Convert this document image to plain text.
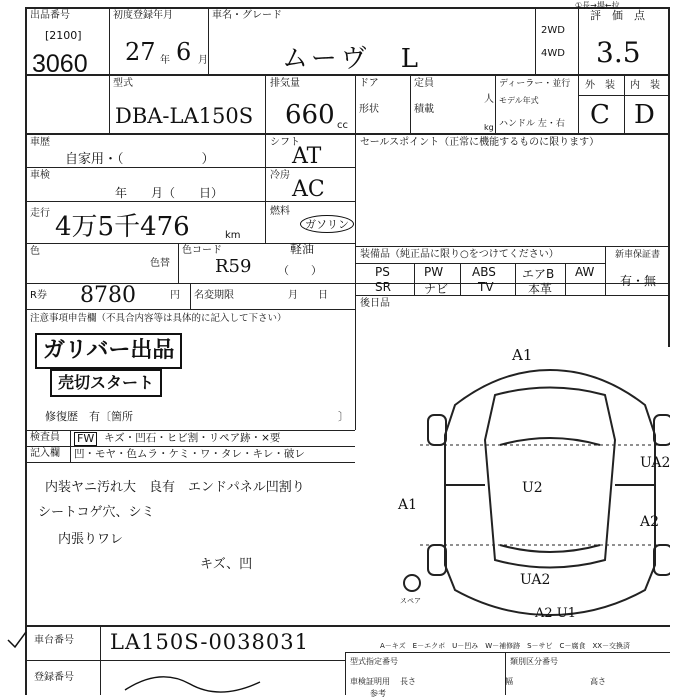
出品番号
[2100]
3060
初度登録年月
27 年 6 月
車名・グレード
ムーヴ　L
2WD
4WD
評　価　点
3.5
①長→場←拉
型式
DBA-LA150S
排気量
660 cc
ドア	定員
人
形状	積載
kg
ディーラー・並行
モデル年式
ハンドル 左・右
外　装 内　装
C D
車歴
自家用・（　　　　　　）
シフト
AT
車検
年　　月（　　日）
冷房
AC
走行 4万5千476	km
燃料
ガソリン
軽油
（　　）
色
色替
色コード
R59
R券 8780	円 名変期限	月　　日
セールスポイント（正常に機能するものに限ります）
装備品（純正品に限り○をつけてください）	新車保証書
有・無
PS	PW ABS エアB AW
SR	ナビ TV	本革
後日品
注意事項申告欄（不具合内容等は具体的に記入して下さい）
ガリバー出品
売切スタート
修復歴　有〔箇所	〕
検査員 FW キズ・凹石・ヒビ割・リペア跡・×要
記入欄 凹・モヤ・色ムラ・ケミ・ワ・タレ・キレ・破レ
内装ヤニ汚れ大　良有　エンドパネル凹割り
シートコゲ穴、シミ
内張りワレ
キズ、凹
A1
UA2
U2
A1
A2
UA2
A2 U1
スペア
車台番号 LA150S-0038031
登録番号
A－キズ　E－エクボ　U－凹み　W－補修跡　S－サビ　C－腐食　XX－交換済
型式指定番号	類別区分番号
車検証明用 長さ	幅	高さ
参考
